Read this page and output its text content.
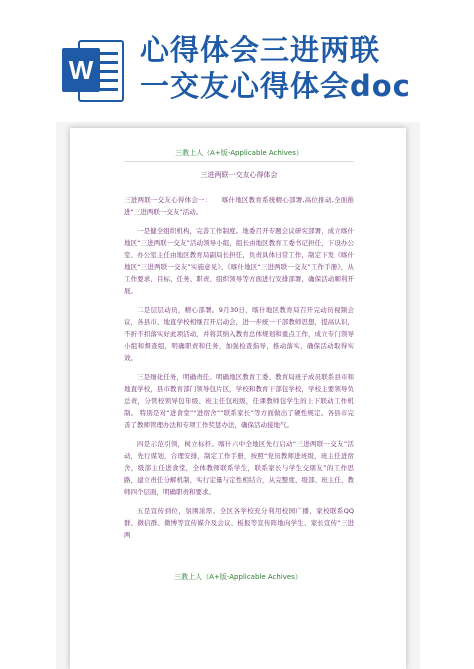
W
心得体会三进两联
一交友心得体会doc
三教上人（A+版-Applicable Achives）
三进两联一交友心得体会

三进两联一交友心得体会一：　　喀什地区教育系统精心部署,高位推动,全面推进“三进两联一交友”活动。

一是健全组织机构，完善工作制度。地委召开专题会议研究部署，成立喀什地区“三进两联一交友”活动领导小组，组长由地区教育工委书记担任，下设办公室、办公室主任由地区教育局副局长担任，负责具体日常工作，制定下发《喀什地区“三进两联一交友”实施意见》、《喀什地区“三进两联一交友”工作手册》，从工作要求、目标、任务、职责、组织领导等方面进行安排部署，确保活动顺利开展。

二是层层动员，精心部署。9月30日，喀什地区教育局召开完动员视频会议，各县市、地直学校相继召开启动会，进一步统一干部教师思想，提高认识，不折不扣落实好此项活动，并将其纳入教育总体规划和重点工作，成立专门领导小组和督查组，明确职责和任务，加强检查指导，推动落实，确保活动取得实效。

三是细化任务，明确责任。明确地区教育工委、教育局班子成员联系县市和地直学校，县市教育部门领导包片区，学校和教育干部包学校，学校主要领导负总责，分管校领导包年级、班主任包班级，任课教师包学生的上下联动工作机制。 特别是对“进食堂”“进宿舍”“联系家长”等方面做出了硬性规定。各县市完善了教师管理办法和专项工作奖惩办法，确保活动接地气。

四是示范引领，树立标杆。喀什六中全地区先行启动“三进两联一交友”活动，先行谋划，合理安排，制定工作手册，按照“党员教师进班级，班主任进宿舍，级部主任进食堂，全体教师联系学生，联系家长与学生交朋友”的工作思路，建立责任分解机制，实行定量与定性相结合，从完整度、级部、班主任、教师四个层面，明确职责和要求。

五是宣传到位，氛围浓厚。全区各学校充分利用校园广播、家校联系QQ群、微信群、微博等宣传媒介及会议、板报等宣传阵地向学生、家长宣传“三进两

三教上人（A+版-Applicable Achives）
